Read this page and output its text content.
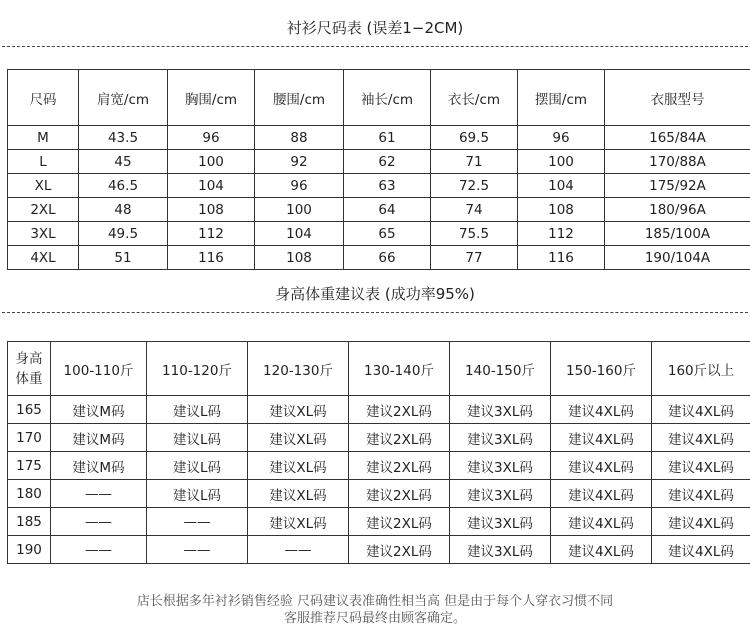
衬衫尺码表 (误差1−2CM)
尺码	肩宽/cm	胸围/cm	腰围/cm	袖长/cm	衣长/cm	摆围/cm	衣服型号
M	43.5	96	88	61	69.5	96	165/84A
L	45	100	92	62	71	100	170/88A
XL	46.5	104	96	63	72.5	104	175/92A
2XL	48	108	100	64	74	108	180/96A
3XL	49.5	112	104	65	75.5	112	185/100A
4XL	51	116	108	66	77	116	190/104A
身高体重建议表 (成功率95%)
身高
体重	100-110斤	110-120斤	120-130斤	130-140斤	140-150斤	150-160斤	160斤以上
165	建议M码	建议L码	建议XL码	建议2XL码	建议3XL码	建议4XL码	建议4XL码
170	建议M码	建议L码	建议XL码	建议2XL码	建议3XL码	建议4XL码	建议4XL码
175	建议M码	建议L码	建议XL码	建议2XL码	建议3XL码	建议4XL码	建议4XL码
180	——	建议L码	建议XL码	建议2XL码	建议3XL码	建议4XL码	建议4XL码
185	——	——	建议XL码	建议2XL码	建议3XL码	建议4XL码	建议4XL码
190	——	——	——	建议2XL码	建议3XL码	建议4XL码	建议4XL码
店长根据多年衬衫销售经验 尺码建议表准确性相当高 但是由于每个人穿衣习惯不同
客服推荐尺码最终由顾客确定。
